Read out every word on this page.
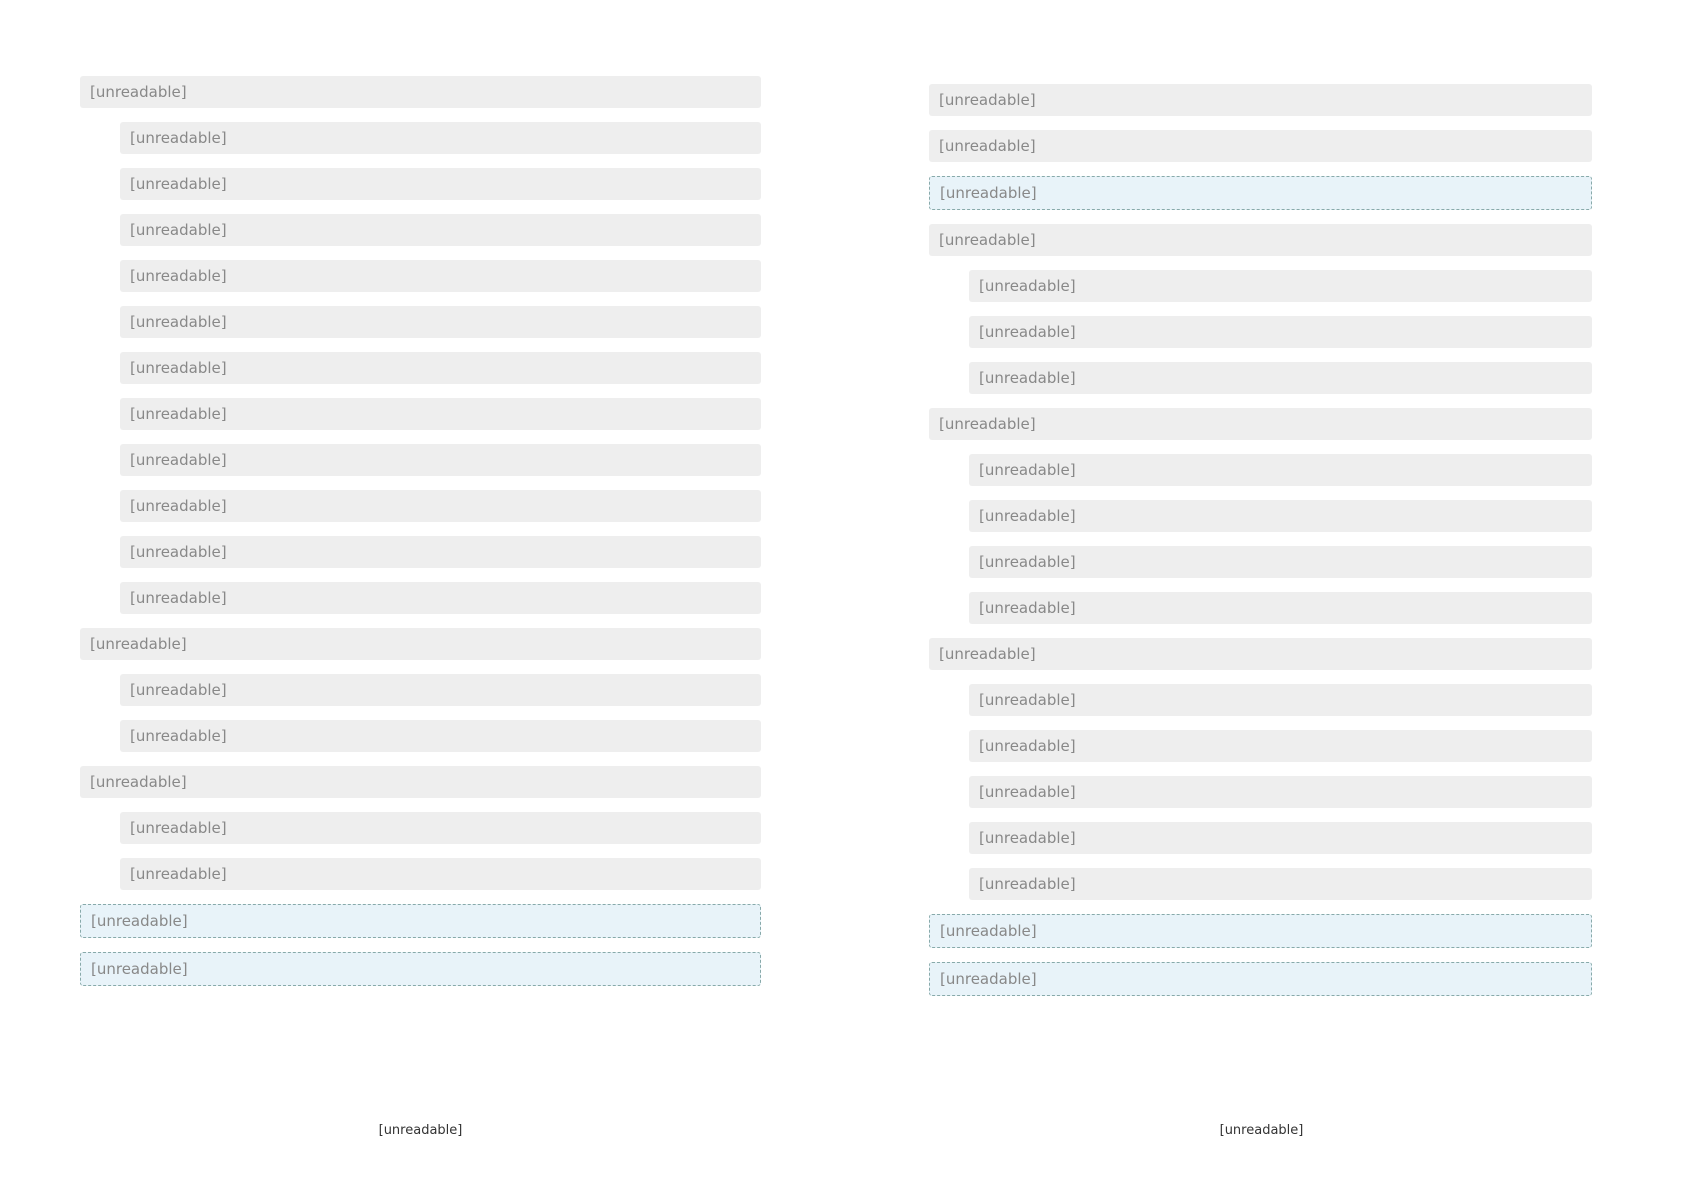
[unreadable]
[unreadable]
[unreadable]
[unreadable]
[unreadable]
[unreadable]
[unreadable]
[unreadable]
[unreadable]
[unreadable]
[unreadable]
[unreadable]
[unreadable]
[unreadable]
[unreadable]
[unreadable]
[unreadable]
[unreadable]
[unreadable]
[unreadable]
[unreadable]
[unreadable]
[unreadable]
[unreadable]
[unreadable]
[unreadable]
[unreadable]
[unreadable]
[unreadable]
[unreadable]
[unreadable]
[unreadable]
[unreadable]
[unreadable]
[unreadable]
[unreadable]
[unreadable]
[unreadable]
[unreadable]
[unreadable]
[unreadable]
[unreadable]
